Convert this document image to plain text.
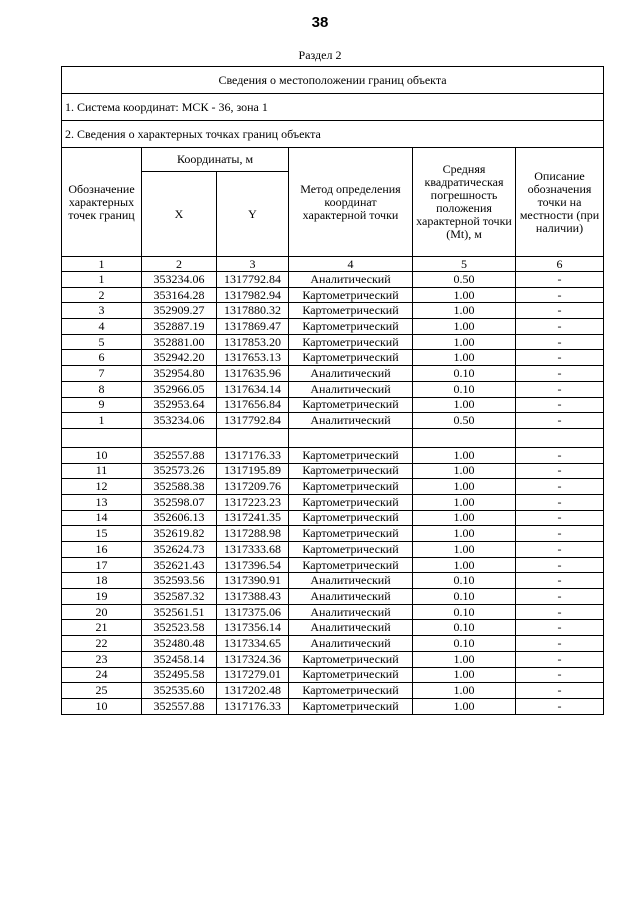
38
Раздел 2
Сведения о местоположении границ объекта					
1. Система координат: МСК - 36, зона 1					
2. Сведения о характерных точках границ объекта					
Обозначение характерных точек границ	Координаты, м		Метод определения координат характерной точки	Средняя квадратическая погрешность положения характерной точки (Mt), м	Описание обозначения точки на местности (при наличии)
	X	Y			
1	2	3	4	5	6
1	353234.06	1317792.84	Аналитический	0.50	-
2	353164.28	1317982.94	Картометрический	1.00	-
3	352909.27	1317880.32	Картометрический	1.00	-
4	352887.19	1317869.47	Картометрический	1.00	-
5	352881.00	1317853.20	Картометрический	1.00	-
6	352942.20	1317653.13	Картометрический	1.00	-
7	352954.80	1317635.96	Аналитический	0.10	-
8	352966.05	1317634.14	Аналитический	0.10	-
9	352953.64	1317656.84	Картометрический	1.00	-
1	353234.06	1317792.84	Аналитический	0.50	-

10	352557.88	1317176.33	Картометрический	1.00	-
11	352573.26	1317195.89	Картометрический	1.00	-
12	352588.38	1317209.76	Картометрический	1.00	-
13	352598.07	1317223.23	Картометрический	1.00	-
14	352606.13	1317241.35	Картометрический	1.00	-
15	352619.82	1317288.98	Картометрический	1.00	-
16	352624.73	1317333.68	Картометрический	1.00	-
17	352621.43	1317396.54	Картометрический	1.00	-
18	352593.56	1317390.91	Аналитический	0.10	-
19	352587.32	1317388.43	Аналитический	0.10	-
20	352561.51	1317375.06	Аналитический	0.10	-
21	352523.58	1317356.14	Аналитический	0.10	-
22	352480.48	1317334.65	Аналитический	0.10	-
23	352458.14	1317324.36	Картометрический	1.00	-
24	352495.58	1317279.01	Картометрический	1.00	-
25	352535.60	1317202.48	Картометрический	1.00	-
10	352557.88	1317176.33	Картометрический	1.00	-
